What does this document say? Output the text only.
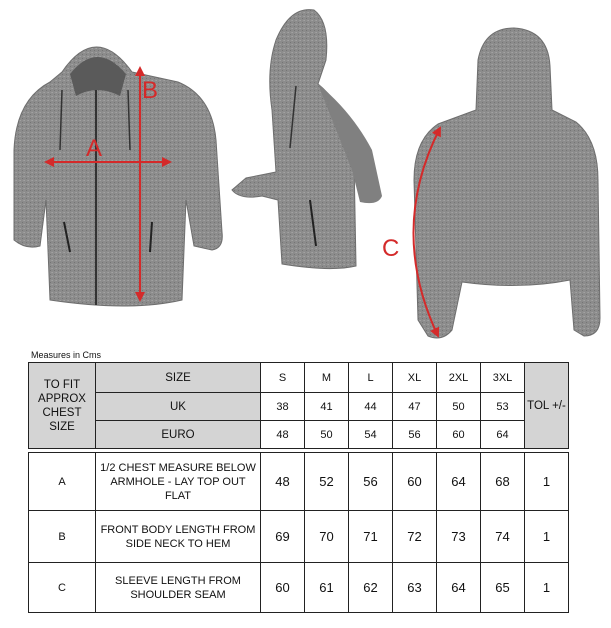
A
B
C
Measures in Cms
TO FIT APPROX CHEST SIZE	SIZE	S	M	L	XL	2XL	3XL	TOL +/-
	UK	38	41	44	47	50	53	
	EURO	48	50	54	56	60	64	

A	1/2 CHEST MEASURE BELOW ARMHOLE - LAY TOP OUT FLAT	48	52	56	60	64	68	1
B	FRONT BODY LENGTH FROM SIDE NECK TO HEM	69	70	71	72	73	74	1
C	SLEEVE LENGTH FROM SHOULDER SEAM	60	61	62	63	64	65	1
